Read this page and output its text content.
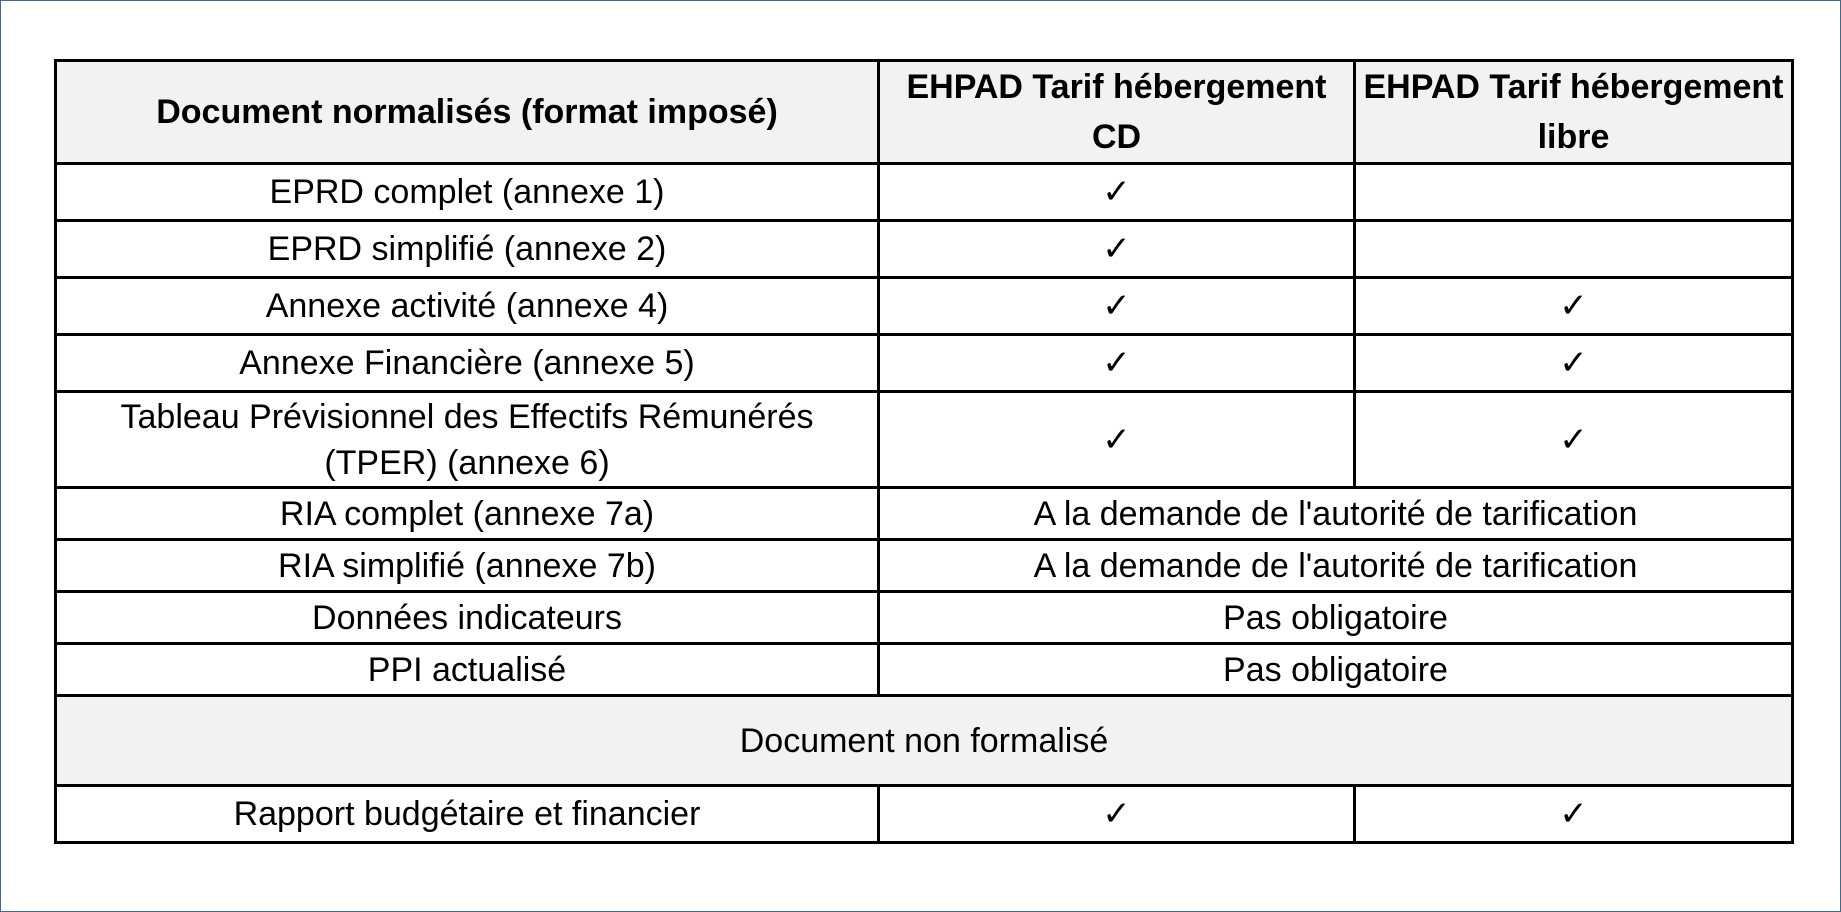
Document normalisés (format imposé)	EHPAD Tarif hébergement CD	EHPAD Tarif hébergement libre
EPRD complet (annexe 1)	✓	
EPRD simplifié (annexe 2)	✓	
Annexe activité (annexe 4)	✓	✓
Annexe Financière (annexe 5)	✓	✓
Tableau Prévisionnel des Effectifs Rémunérés (TPER) (annexe 6)	✓	✓
RIA complet (annexe 7a)	A la demande de l'autorité de tarification	
RIA simplifié (annexe 7b)	A la demande de l'autorité de tarification	
Données indicateurs	Pas obligatoire	
PPI actualisé	Pas obligatoire	
Document non formalisé		
Rapport budgétaire et financier	✓	✓
